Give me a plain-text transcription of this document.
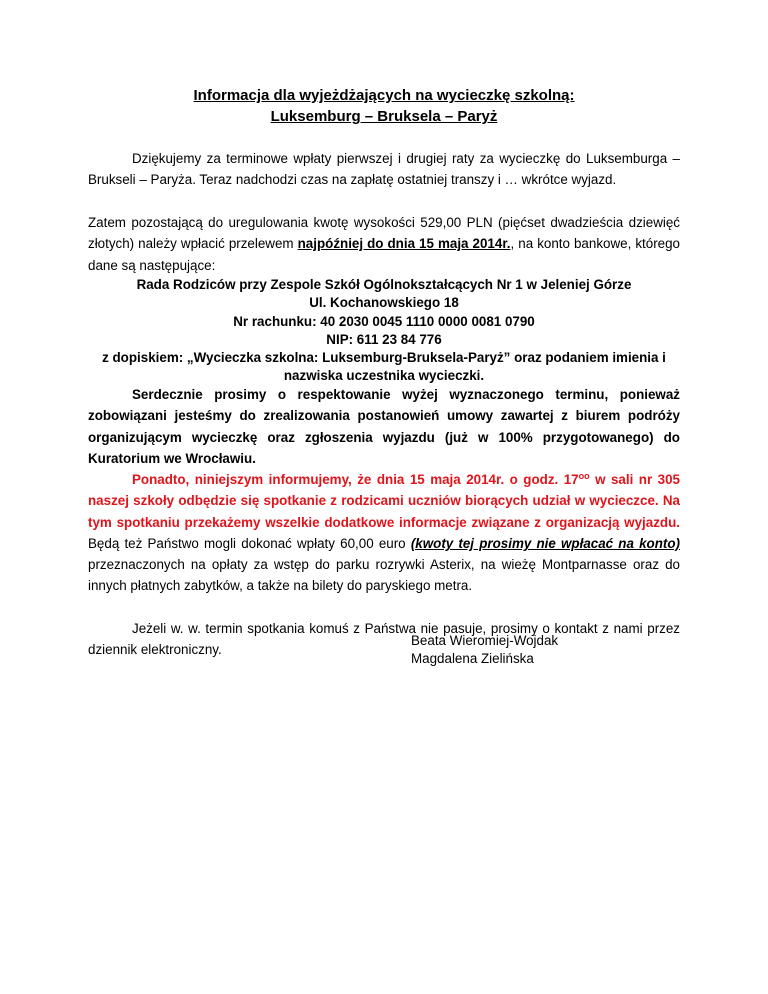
Informacja dla wyjeżdżających na wycieczkę szkolną:
Luksemburg – Bruksela – Paryż
Dziękujemy za terminowe wpłaty pierwszej i drugiej raty za wycieczkę do Luksemburga – Brukseli – Paryża. Teraz nadchodzi czas na zapłatę ostatniej transzy i … wkrótce wyjazd.
Zatem pozostającą do uregulowania kwotę wysokości 529,00 PLN (pięćset dwadzieścia dziewięć złotych) należy wpłacić przelewem najpóźniej do dnia 15 maja 2014r., na konto bankowe, którego dane są następujące:
Rada Rodziców przy Zespole Szkół Ogólnokształcących Nr 1 w Jeleniej Górze
Ul. Kochanowskiego 18
Nr rachunku: 40 2030 0045 1110 0000 0081 0790
NIP: 611 23 84 776
z dopiskiem: „Wycieczka szkolna: Luksemburg-Bruksela-Paryż” oraz podaniem imienia i nazwiska uczestnika wycieczki.
Serdecznie prosimy o respektowanie wyżej wyznaczonego terminu, ponieważ zobowiązani jesteśmy do zrealizowania postanowień umowy zawartej z biurem podróży organizującym wycieczkę oraz zgłoszenia wyjazdu (już w 100% przygotowanego) do Kuratorium we Wrocławiu.
Ponadto, niniejszym informujemy, że dnia 15 maja 2014r. o godz. $17^{oo}$ w sali nr 305 naszej szkoły odbędzie się spotkanie z rodzicami uczniów biorących udział w wycieczce. Na tym spotkaniu przekażemy wszelkie dodatkowe informacje związane z organizacją wyjazdu. Będą też Państwo mogli dokonać wpłaty 60,00 euro (kwoty tej prosimy nie wpłacać na konto) przeznaczonych na opłaty za wstęp do parku rozrywki Asterix, na wieżę Montparnasse oraz do innych płatnych zabytków, a także na bilety do paryskiego metra.
Jeżeli w. w. termin spotkania komuś z Państwa nie pasuje, prosimy o kontakt z nami przez dziennik elektroniczny.
Beata Wieromiej-Wojdak
Magdalena Zielińska
